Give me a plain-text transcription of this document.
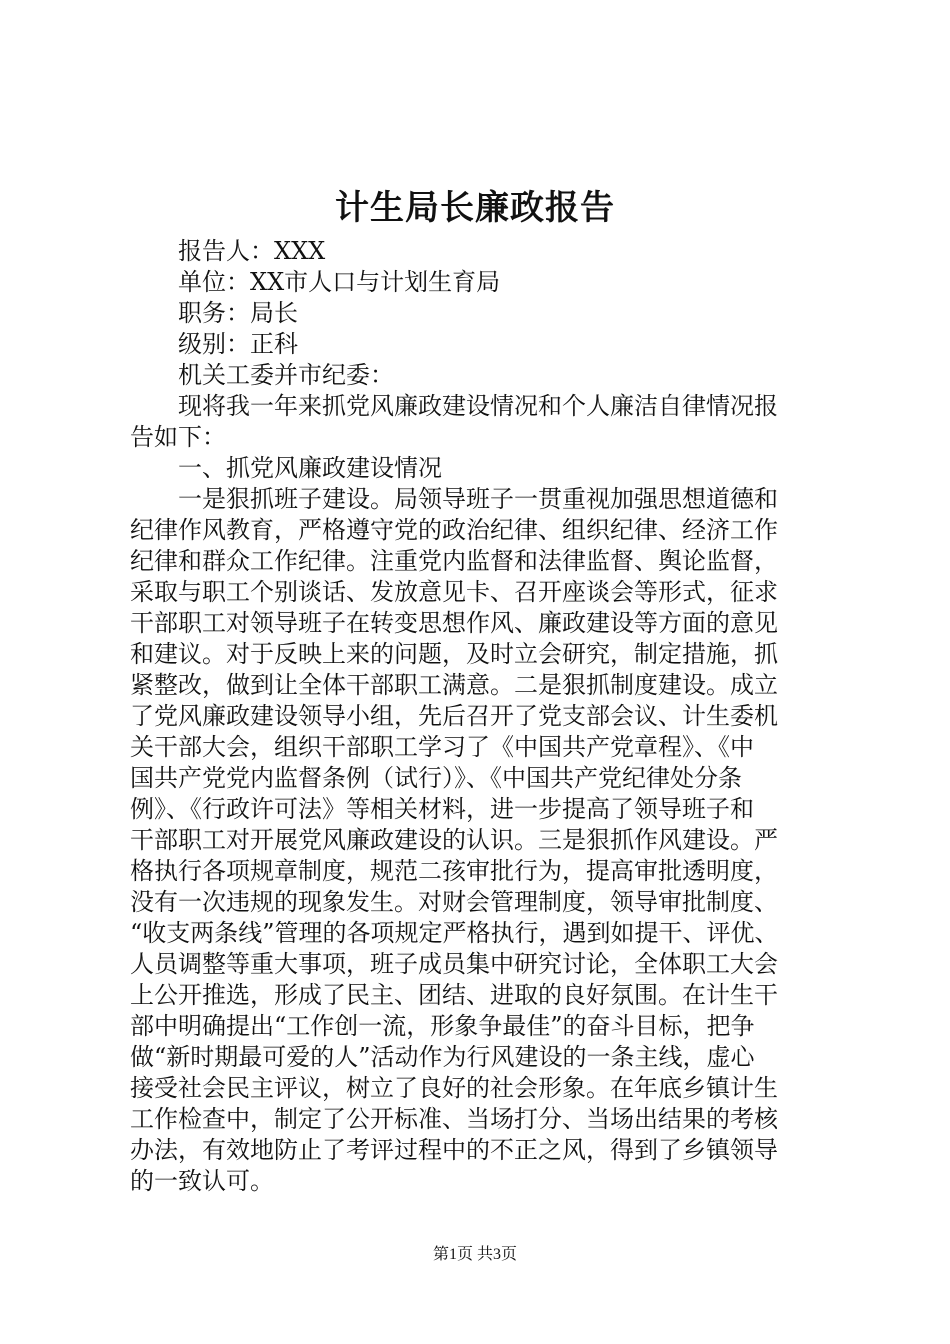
计生局长廉政报告
报告人：XXX
单位：XX市人口与计划生育局
职务：局长
级别：正科
机关工委并市纪委：
现将我一年来抓党风廉政建设情况和个人廉洁自律情况报
告如下：
一、抓党风廉政建设情况
一是狠抓班子建设。局领导班子一贯重视加强思想道德和
纪律作风教育，严格遵守党的政治纪律、组织纪律、经济工作
纪律和群众工作纪律。注重党内监督和法律监督、舆论监督，
采取与职工个别谈话、发放意见卡、召开座谈会等形式，征求
干部职工对领导班子在转变思想作风、廉政建设等方面的意见
和建议。对于反映上来的问题，及时立会研究，制定措施，抓
紧整改，做到让全体干部职工满意。二是狠抓制度建设。成立
了党风廉政建设领导小组，先后召开了党支部会议、计生委机
关干部大会，组织干部职工学习了《中国共产党章程》、《中
国共产党党内监督条例（试行）》、《中国共产党纪律处分条
例》、《行政许可法》等相关材料，进一步提高了领导班子和
干部职工对开展党风廉政建设的认识。三是狠抓作风建设。严
格执行各项规章制度，规范二孩审批行为，提高审批透明度，
没有一次违规的现象发生。对财会管理制度，领导审批制度、
“收支两条线”管理的各项规定严格执行，遇到如提干、评优、
人员调整等重大事项，班子成员集中研究讨论，全体职工大会
上公开推选，形成了民主、团结、进取的良好氛围。在计生干
部中明确提出“工作创一流，形象争最佳”的奋斗目标，把争
做“新时期最可爱的人”活动作为行风建设的一条主线，虚心
接受社会民主评议，树立了良好的社会形象。在年底乡镇计生
工作检查中，制定了公开标准、当场打分、当场出结果的考核
办法，有效地防止了考评过程中的不正之风，得到了乡镇领导
的一致认可。
第1页 共3页
